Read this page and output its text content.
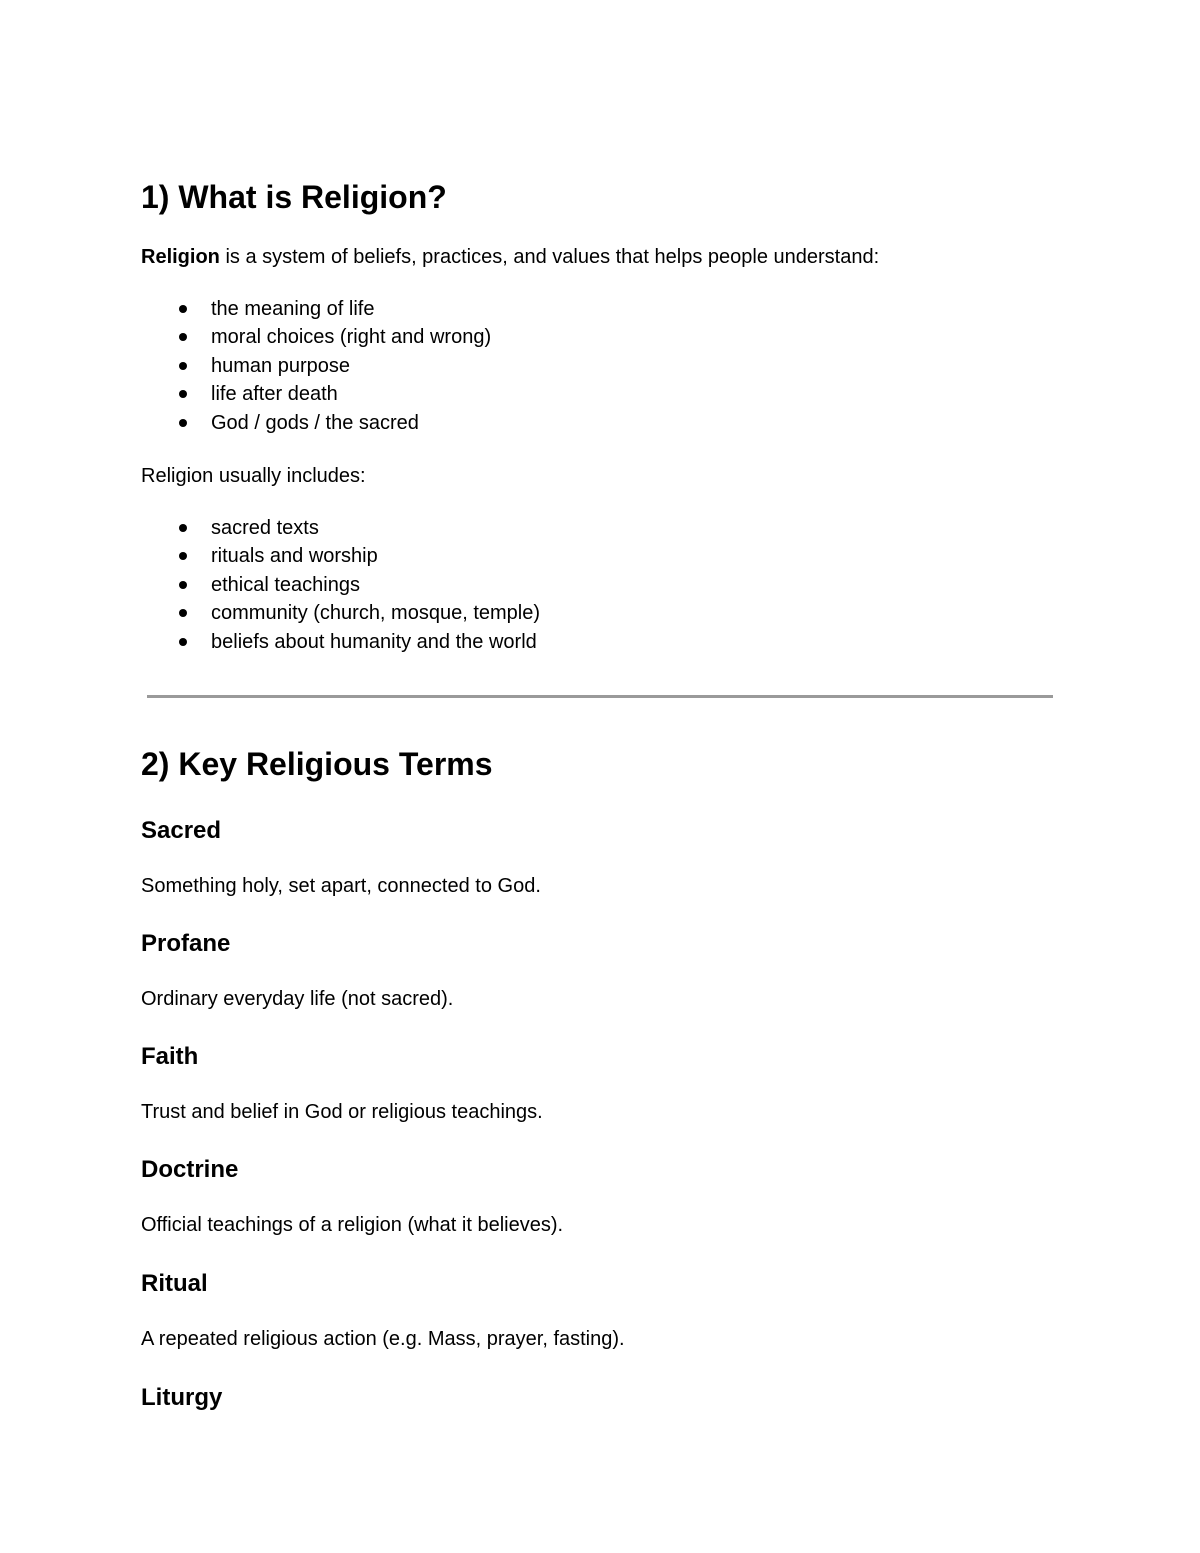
1) What is Religion?

Religion is a system of beliefs, practices, and values that helps people understand:

the meaning of life
moral choices (right and wrong)
human purpose
life after death
God / gods / the sacred

Religion usually includes:

sacred texts
rituals and worship
ethical teachings
community (church, mosque, temple)
beliefs about humanity and the world
2) Key Religious Terms
Sacred

Something holy, set apart, connected to God.

Profane

Ordinary everyday life (not sacred).

Faith

Trust and belief in God or religious teachings.

Doctrine

Official teachings of a religion (what it believes).

Ritual

A repeated religious action (e.g. Mass, prayer, fasting).

Liturgy
